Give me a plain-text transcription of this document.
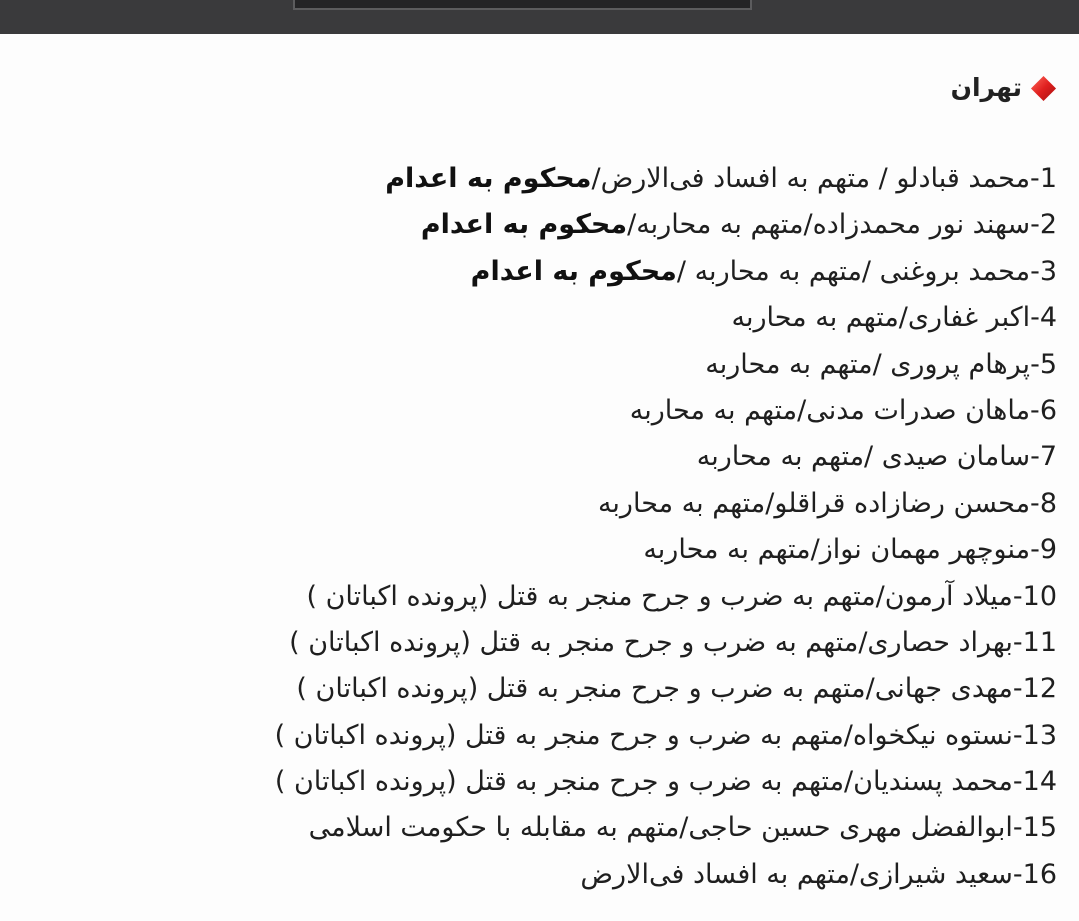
تهران
1-محمد قبادلو / متهم به افساد فی‌الارض/محکوم به اعدام
2-سهند نور محمدزاده/متهم به محاربه/محکوم به اعدام
3-محمد بروغنی /متهم به محاربه /محکوم به اعدام
4-اکبر غفاری/متهم به محاربه
5-پرهام پروری /متهم به محاربه
6-ماهان صدرات مدنی/متهم به محاربه
7-سامان صیدی /متهم به محاربه
8-محسن رضازاده قراقلو/متهم به محاربه
9-منوچهر مهمان نواز/متهم به محاربه
10-میلاد آرمون/متهم به ضرب و جرح منجر به قتل (پرونده اکباتان )
11-بهراد حصاری/متهم به ضرب و جرح منجر به قتل (پرونده اکباتان )
12-مهدی جهانی/متهم به ضرب و جرح منجر به قتل (پرونده اکباتان )
13-نستوه نیکخواه/متهم به ضرب و جرح منجر به قتل (پرونده اکباتان )
14-محمد پسندیان/متهم به ضرب و جرح منجر به قتل (پرونده اکباتان )
15-ابوالفضل مهری حسین حاجی/متهم به مقابله با حکومت اسلامی
16-سعید شیرازی/متهم به افساد فی‌الارض
